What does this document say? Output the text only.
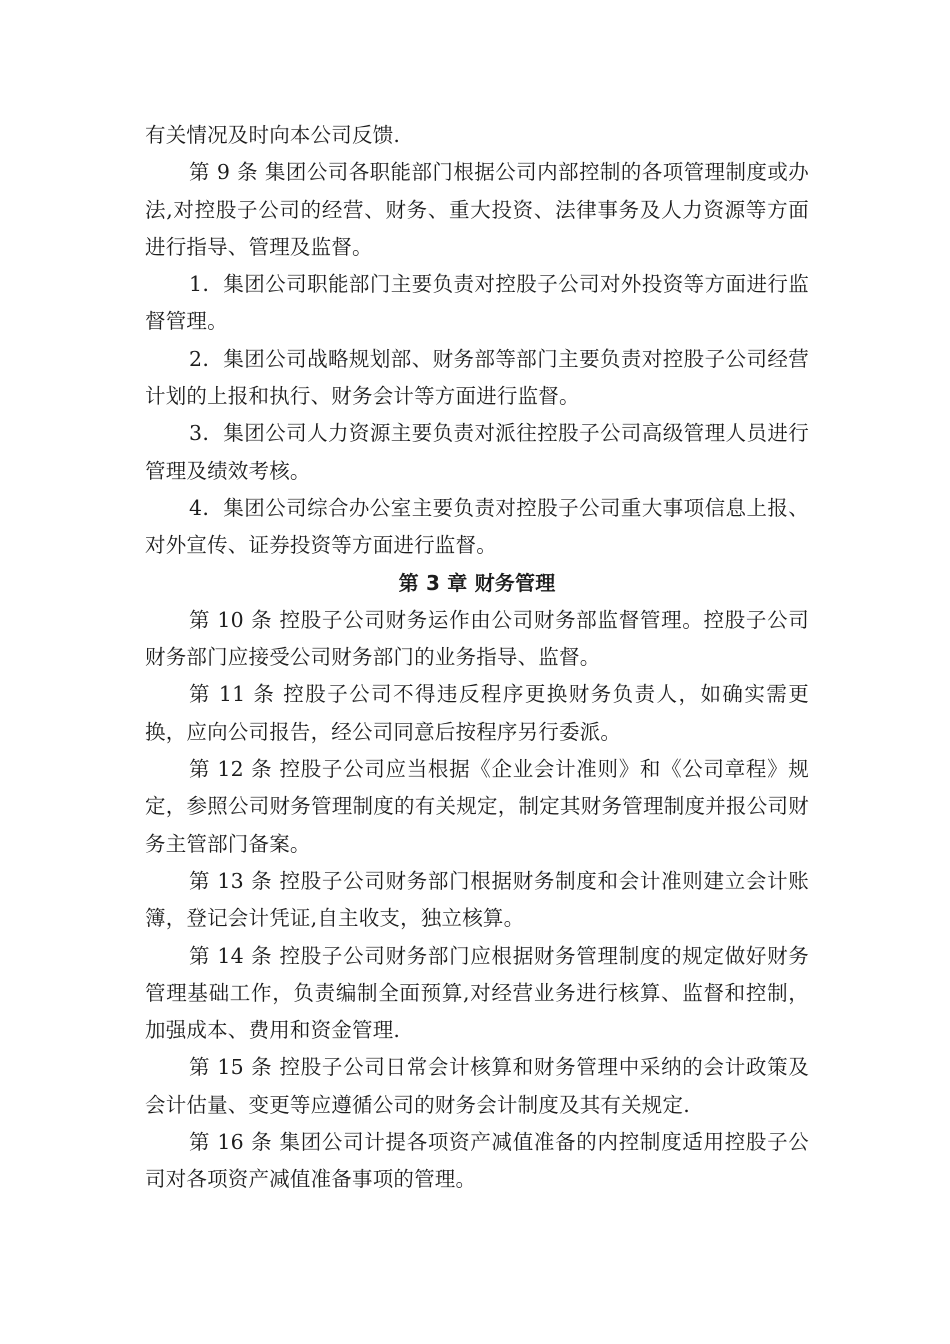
有关情况及时向本公司反馈.

第 9 条 集团公司各职能部门根据公司内部控制的各项管理制度或办法,对控股子公司的经营、财务、重大投资、法律事务及人力资源等方面进行指导、管理及监督。

1．集团公司职能部门主要负责对控股子公司对外投资等方面进行监督管理。

2．集团公司战略规划部、财务部等部门主要负责对控股子公司经营计划的上报和执行、财务会计等方面进行监督。

3．集团公司人力资源主要负责对派往控股子公司高级管理人员进行管理及绩效考核。

4．集团公司综合办公室主要负责对控股子公司重大事项信息上报、对外宣传、证券投资等方面进行监督。

第 3 章 财务管理

第 10 条 控股子公司财务运作由公司财务部监督管理。控股子公司财务部门应接受公司财务部门的业务指导、监督。

第 11 条 控股子公司不得违反程序更换财务负责人，如确实需更换，应向公司报告，经公司同意后按程序另行委派。

第 12 条 控股子公司应当根据《企业会计准则》和《公司章程》规定，参照公司财务管理制度的有关规定，制定其财务管理制度并报公司财务主管部门备案。

第 13 条 控股子公司财务部门根据财务制度和会计准则建立会计账簿，登记会计凭证,自主收支，独立核算。

第 14 条 控股子公司财务部门应根据财务管理制度的规定做好财务管理基础工作，负责编制全面预算,对经营业务进行核算、监督和控制，加强成本、费用和资金管理.

第 15 条 控股子公司日常会计核算和财务管理中采纳的会计政策及会计估量、变更等应遵循公司的财务会计制度及其有关规定.

第 16 条 集团公司计提各项资产减值准备的内控制度适用控股子公司对各项资产减值准备事项的管理。
